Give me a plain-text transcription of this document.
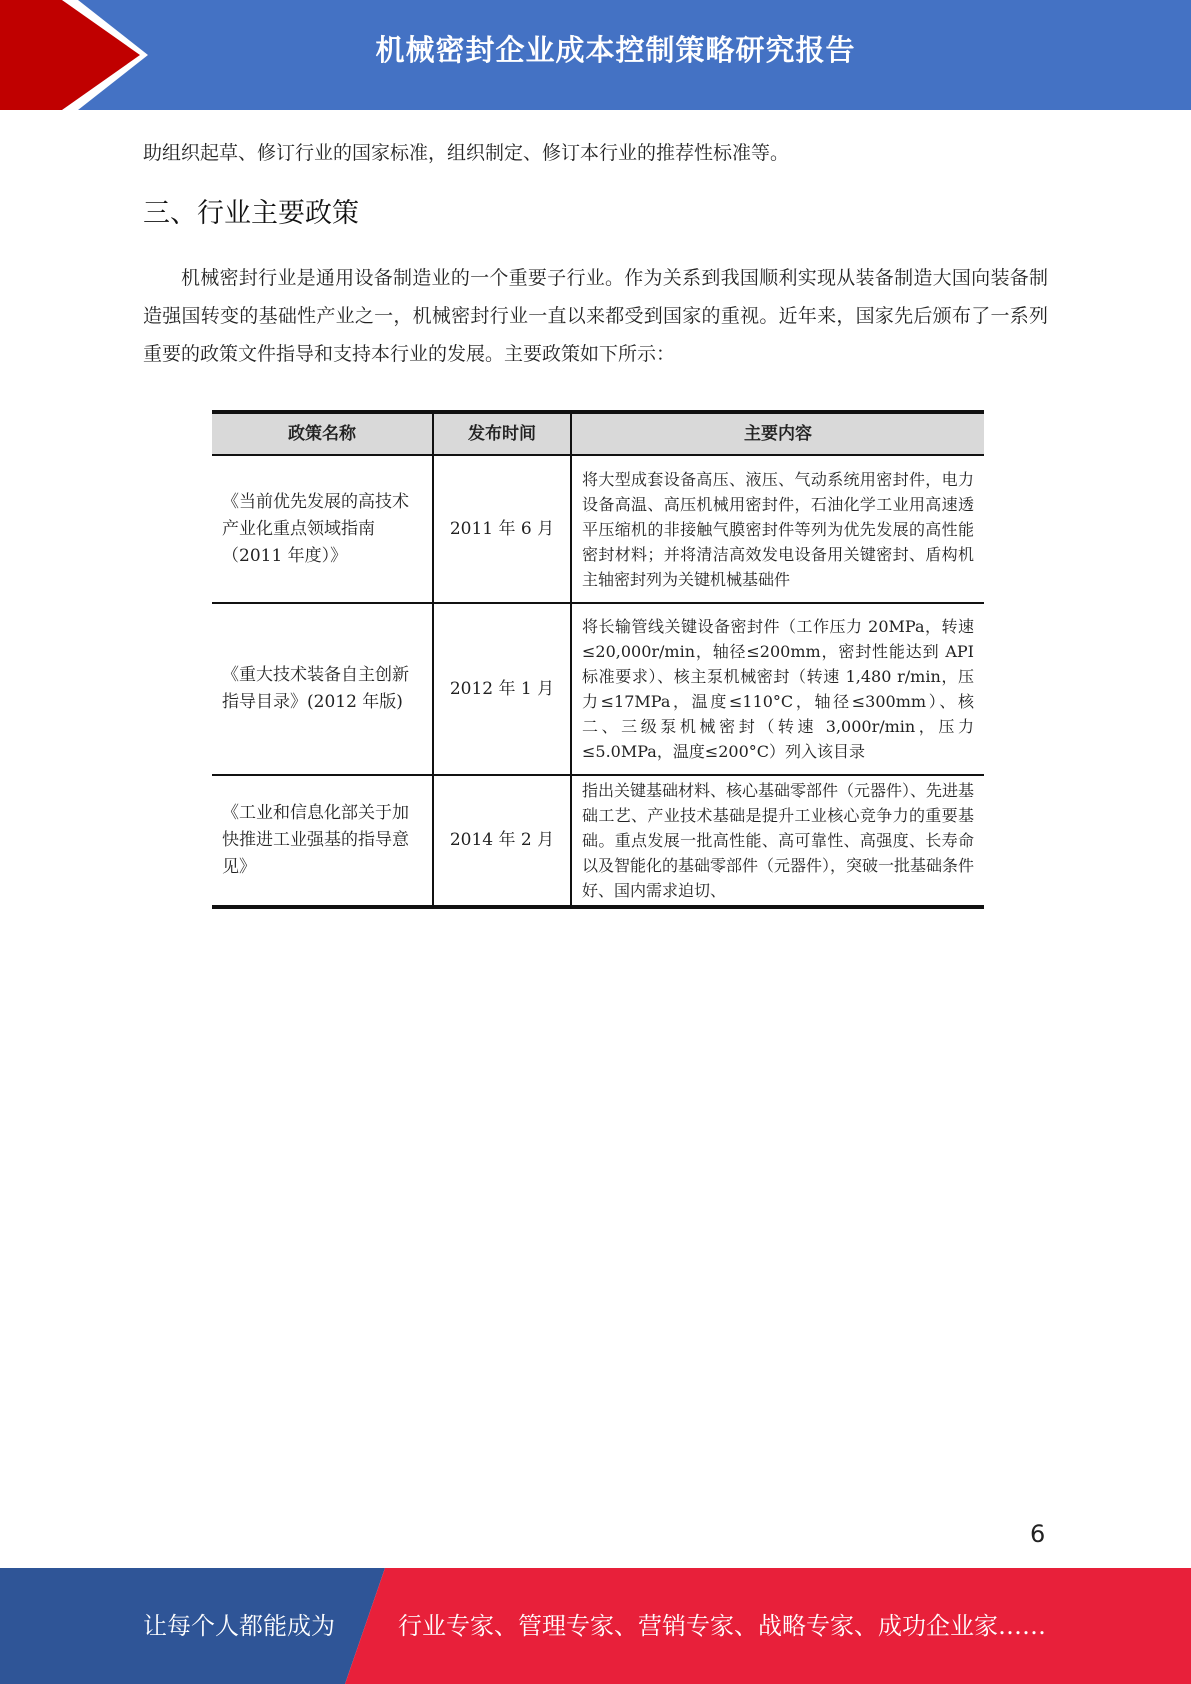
机械密封企业成本控制策略研究报告

助组织起草、修订行业的国家标准，组织制定、修订本行业的推荐性标准等。

三、行业主要政策

机械密封行业是通用设备制造业的一个重要子行业。作为关系到我国顺利实现从装备制造大国向装备制造强国转变的基础性产业之一，机械密封行业一直以来都受到国家的重视。近年来，国家先后颁布了一系列重要的政策文件指导和支持本行业的发展。主要政策如下所示：

政策名称	发布时间	主要内容
《当前优先发展的高技术产业化重点领域指南（2011 年度）》	2011 年 6 月	将大型成套设备高压、液压、气动系统用密封件，电力设备高温、高压机械用密封件，石油化学工业用高速透平压缩机的非接触气膜密封件等列为优先发展的高性能密封材料；并将清洁高效发电设备用关键密封、盾构机主轴密封列为关键机械基础件
《重大技术装备自主创新指导目录》(2012 年版)	2012 年 1 月	将长输管线关键设备密封件（工作压力 20MPa，转速≤20,000r/min，轴径≤200mm，密封性能达到 API 标准要求）、核主泵机械密封（转速 1,480 r/min，压力≤17MPa，温度≤110°C，轴径≤300mm）、核二、三级泵机械密封（转速 3,000r/min，压力≤5.0MPa，温度≤200°C）列入该目录
《工业和信息化部关于加快推进工业强基的指导意见》	2014 年 2 月	指出关键基础材料、核心基础零部件（元器件）、先进基础工艺、产业技术基础是提升工业核心竞争力的重要基础。重点发展一批高性能、高可靠性、高强度、长寿命以及智能化的基础零部件（元器件），突破一批基础条件好、国内需求迫切、
6
让每个人都能成为	行业专家、管理专家、营销专家、战略专家、成功企业家……
